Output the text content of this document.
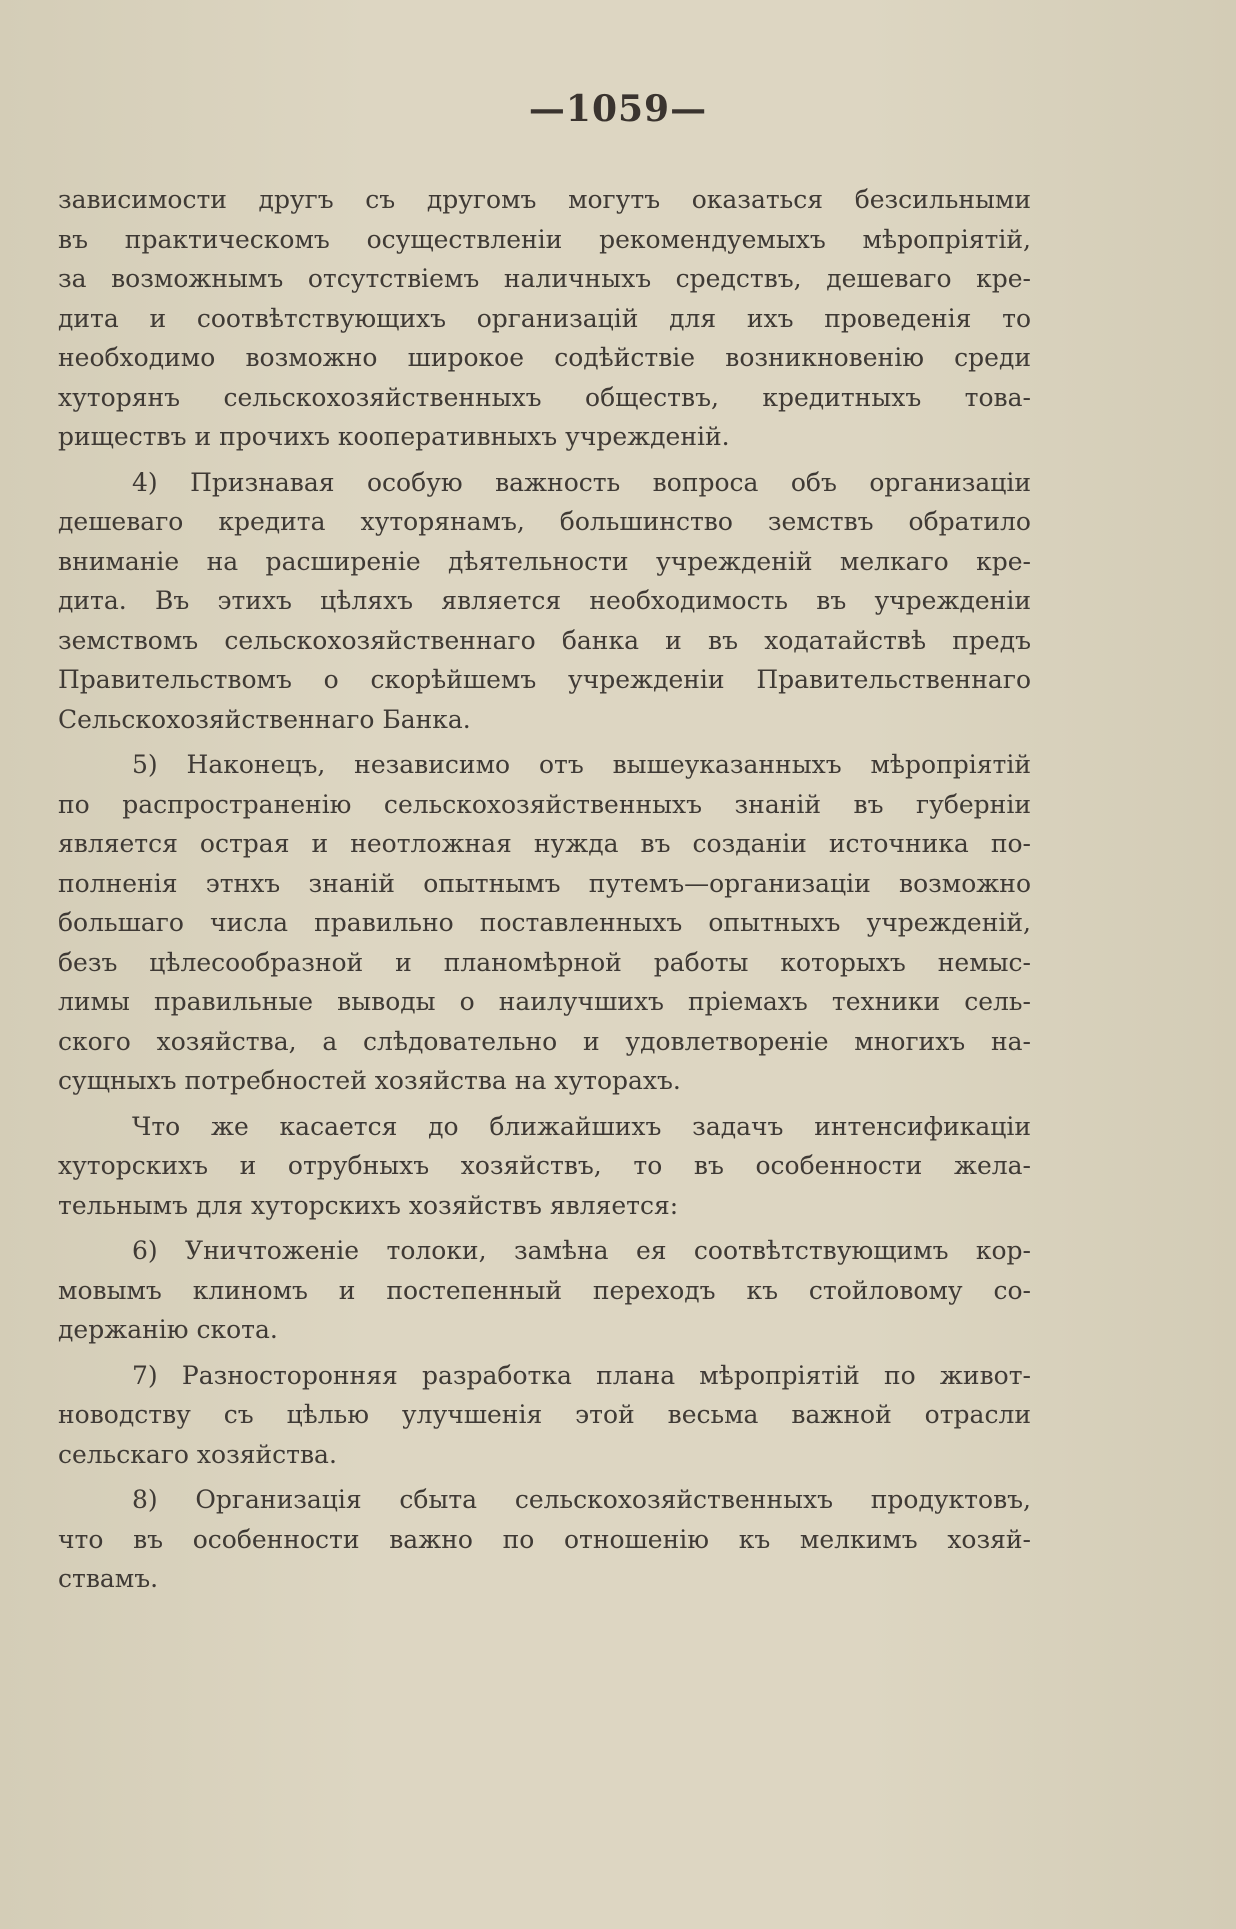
—1059—

зависимости другъ съ другомъ могутъ оказаться безсильными
въ практическомъ осуществленіи рекомендуемыхъ мѣропріятій,
за возможнымъ отсутствіемъ наличныхъ средствъ, дешеваго кре-
дита и соотвѣтствующихъ организацій для ихъ проведенія то
необходимо возможно широкое содѣйствіе возникновенію среди
хуторянъ сельскохозяйственныхъ обществъ, кредитныхъ това-
риществъ и прочихъ кооперативныхъ учрежденій.

4) Признавая особую важность вопроса объ организаціи
дешеваго кредита хуторянамъ, большинство земствъ обратило
вниманіе на расширеніе дѣятельности учрежденій мелкаго кре-
дита. Въ этихъ цѣляхъ является необходимость въ учрежденіи
земствомъ сельскохозяйственнаго банка и въ ходатайствѣ предъ
Правительствомъ о скорѣйшемъ учрежденіи Правительственнаго
Сельскохозяйственнаго Банка.

5) Наконецъ, независимо отъ вышеуказанныхъ мѣропріятій
по распространенію сельскохозяйственныхъ знаній въ губерніи
является острая и неотложная нужда въ созданіи источника по-
полненія этнхъ знаній опытнымъ путемъ—организаціи возможно
большаго числа правильно поставленныхъ опытныхъ учрежденій,
безъ цѣлесообразной и планомѣрной работы которыхъ немыс-
лимы правильные выводы о наилучшихъ пріемахъ техники сель-
ского хозяйства, а слѣдовательно и удовлетвореніе многихъ на-
сущныхъ потребностей хозяйства на хуторахъ.

Что же касается до ближайшихъ задачъ интенсификаціи
хуторскихъ и отрубныхъ хозяйствъ, то въ особенности жела-
тельнымъ для хуторскихъ хозяйствъ является:

6) Уничтоженіе толоки, замѣна ея соотвѣтствующимъ кор-
мовымъ клиномъ и постепенный переходъ къ стойловому со-
держанію скота.

7) Разносторонняя разработка плана мѣропріятій по живот-
новодству съ цѣлью улучшенія этой весьма важной отрасли
сельскаго хозяйства.

8) Организація сбыта сельскохозяйственныхъ продуктовъ,
что въ особенности важно по отношенію къ мелкимъ хозяй-
ствамъ.
